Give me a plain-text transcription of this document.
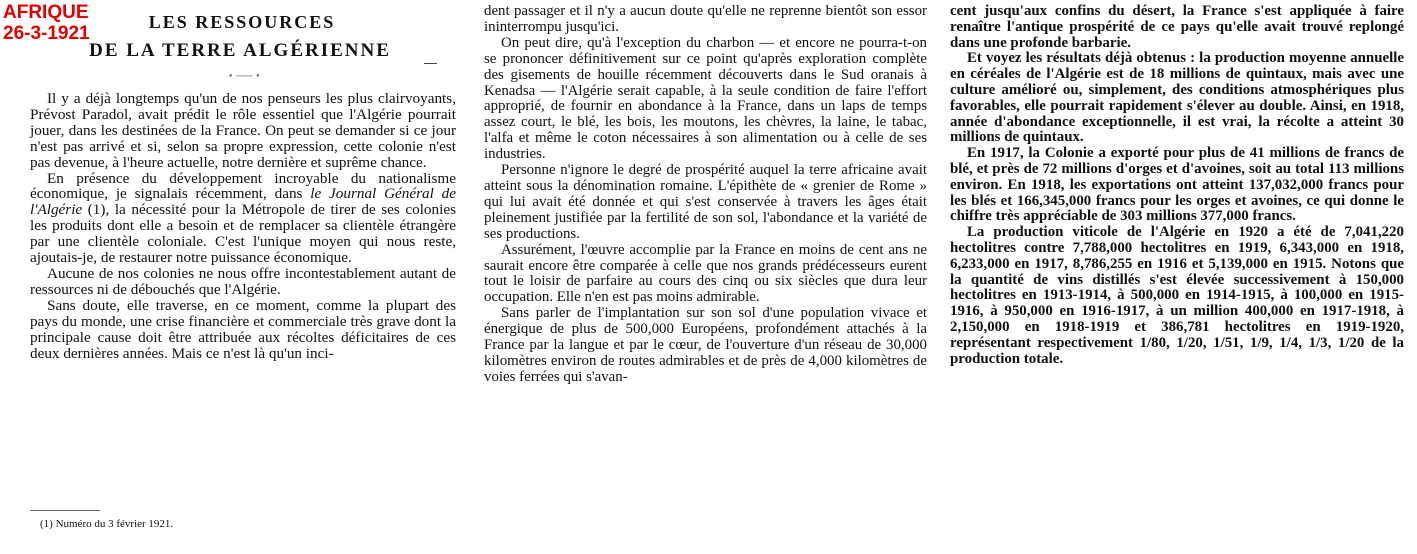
AFRIQUE
26-3-1921
LES RESSOURCES
DE LA TERRE ALGÉRIENNE
• ─── •

Il y a déjà longtemps qu'un de nos penseurs les plus clairvoyants, Prévost Paradol, avait prédit le rôle essentiel que l'Algérie pourrait jouer, dans les destinées de la France. On peut se demander si ce jour n'est pas arrivé et si, selon sa propre expression, cette colonie n'est pas devenue, à l'heure actuelle, notre dernière et suprême chance.

En présence du développement incroyable du nationalisme économique, je signalais récemment, dans le Journal Général de l'Algérie (1), la nécessité pour la Métropole de tirer de ses colonies les produits dont elle a besoin et de remplacer sa clientèle étrangère par une clientèle coloniale. C'est l'unique moyen qui nous reste, ajoutais-je, de restaurer notre puissance économique.

Aucune de nos colonies ne nous offre incontestablement autant de ressources ni de débouchés que l'Algérie.

Sans doute, elle traverse, en ce moment, comme la plupart des pays du monde, une crise financière et commerciale très grave dont la principale cause doit être attribuée aux récoltes déficitaires de ces deux dernières années. Mais ce n'est là qu'un inci-

(1) Numéro du 3 février 1921.

dent passager et il n'y a aucun doute qu'elle ne reprenne bientôt son essor ininterrompu jusqu'ici.

On peut dire, qu'à l'exception du charbon — et encore ne pourra-t-on se prononcer définitivement sur ce point qu'après exploration complète des gisements de houille récemment découverts dans le Sud oranais à Kenadsa — l'Algérie serait capable, à la seule condition de faire l'effort approprié, de fournir en abondance à la France, dans un laps de temps assez court, le blé, les bois, les moutons, les chèvres, la laine, le tabac, l'alfa et même le coton nécessaires à son alimentation ou à celle de ses industries.

Personne n'ignore le degré de prospérité auquel la terre africaine avait atteint sous la dénomination romaine. L'épithète de « grenier de Rome » qui lui avait été donnée et qui s'est conservée à travers les âges était pleinement justifiée par la fertilité de son sol, l'abondance et la variété de ses productions.

Assurément, l'œuvre accomplie par la France en moins de cent ans ne saurait encore être comparée à celle que nos grands prédécesseurs eurent tout le loisir de parfaire au cours des cinq ou six siècles que dura leur occupation. Elle n'en est pas moins admirable.

Sans parler de l'implantation sur son sol d'une population vivace et énergique de plus de 500,000 Européens, profondément attachés à la France par la langue et par le cœur, de l'ouverture d'un réseau de 30,000 kilomètres environ de routes admirables et de près de 4,000 kilomètres de voies ferrées qui s'avan-

cent jusqu'aux confins du désert, la France s'est appliquée à faire renaître l'antique prospérité de ce pays qu'elle avait trouvé replongé dans une profonde barbarie.

Et voyez les résultats déjà obtenus : la production moyenne annuelle en céréales de l'Algérie est de 18 millions de quintaux, mais avec une culture amélioré ou, simplement, des conditions atmosphériques plus favorables, elle pourrait rapidement s'élever au double. Ainsi, en 1918, année d'abondance exceptionnelle, il est vrai, la récolte a atteint 30 millions de quintaux.

En 1917, la Colonie a exporté pour plus de 41 millions de francs de blé, et près de 72 millions d'orges et d'avoines, soit au total 113 millions environ. En 1918, les exportations ont atteint 137,032,000 francs pour les blés et 166,345,000 francs pour les orges et avoines, ce qui donne le chiffre très appréciable de 303 millions 377,000 francs.

La production viticole de l'Algérie en 1920 a été de 7,041,220 hectolitres contre 7,788,000 hectolitres en 1919, 6,343,000 en 1918, 6,233,000 en 1917, 8,786,255 en 1916 et 5,139,000 en 1915. Notons que la quantité de vins distillés s'est élevée successivement à 150,000 hectolitres en 1913-1914, à 500,000 en 1914-1915, à 100,000 en 1915-1916, à 950,000 en 1916-1917, à un million 400,000 en 1917-1918, à 2,150,000 en 1918-1919 et 386,781 hectolitres en 1919-1920, représentant respectivement 1/80, 1/20, 1/51, 1/9, 1/4, 1/3, 1/20 de la production totale.
